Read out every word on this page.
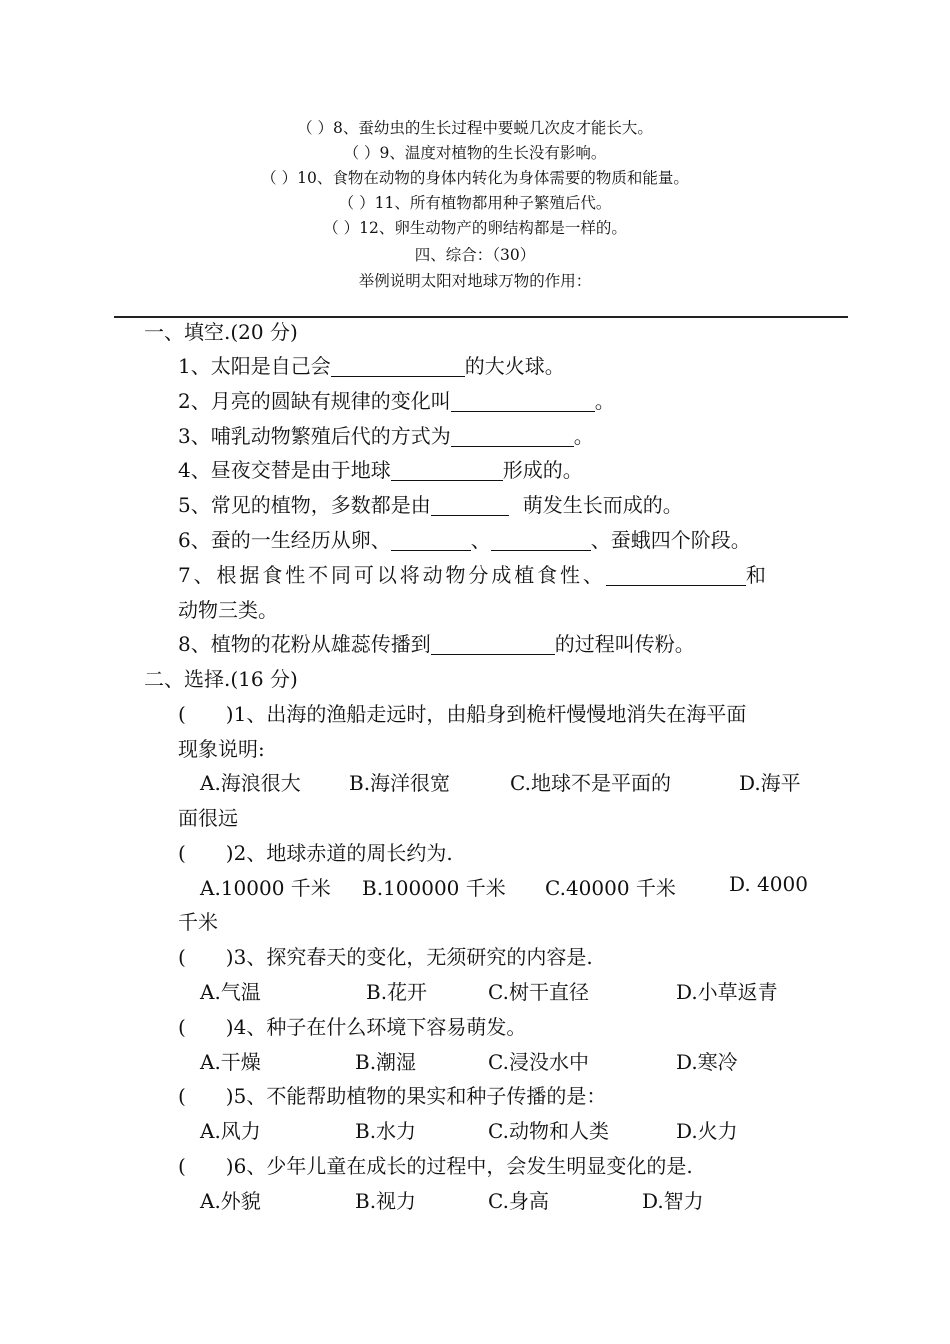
（ ）8、蚕幼虫的生长过程中要蜕几次皮才能长大。
（ ）9、温度对植物的生长没有影响。
（ ）10、食物在动物的身体内转化为身体需要的物质和能量。
（ ）11、所有植物都用种子繁殖后代。
（ ）12、卵生动物产的卵结构都是一样的。
四、综合：（30）
举例说明太阳对地球万物的作用：
一、填空.(20 分)
1、太阳是自己会	的大火球。
2、月亮的圆缺有规律的变化叫	。
3、哺乳动物繁殖后代的方式为	。
4、昼夜交替是由于地球	形成的。
5、常见的植物，多数都是由	萌发生长而成的。
6、蚕的一生经历从卵、	、	、蚕蛾四个阶段。
7、根据食性不同可以将动物分成植食性、	和
动物三类。
8、植物的花粉从雄蕊传播到	的过程叫传粉。
二、选择.(16 分)
(　　)1、出海的渔船走远时，由船身到桅杆慢慢地消失在海平面
现象说明:
A.海浪很大 B.海洋很宽	C.地球不是平面的	D.海平
面很远
(　　)2、地球赤道的周长约为.
A.10000 千米 B.100000 千米 C.40000 千米	D. 4000
千米
(　　)3、探究春天的变化，无须研究的内容是.
A.气温	B.花开	C.树干直径	D.小草返青
(　　)4、种子在什么环境下容易萌发。
A.干燥	B.潮湿	C.浸没水中	D.寒冷
(　　)5、不能帮助植物的果实和种子传播的是：
A.风力	B.水力	C.动物和人类	D.火力
(　　)6、少年儿童在成长的过程中，会发生明显变化的是.
A.外貌	B.视力	C.身高	D.智力
